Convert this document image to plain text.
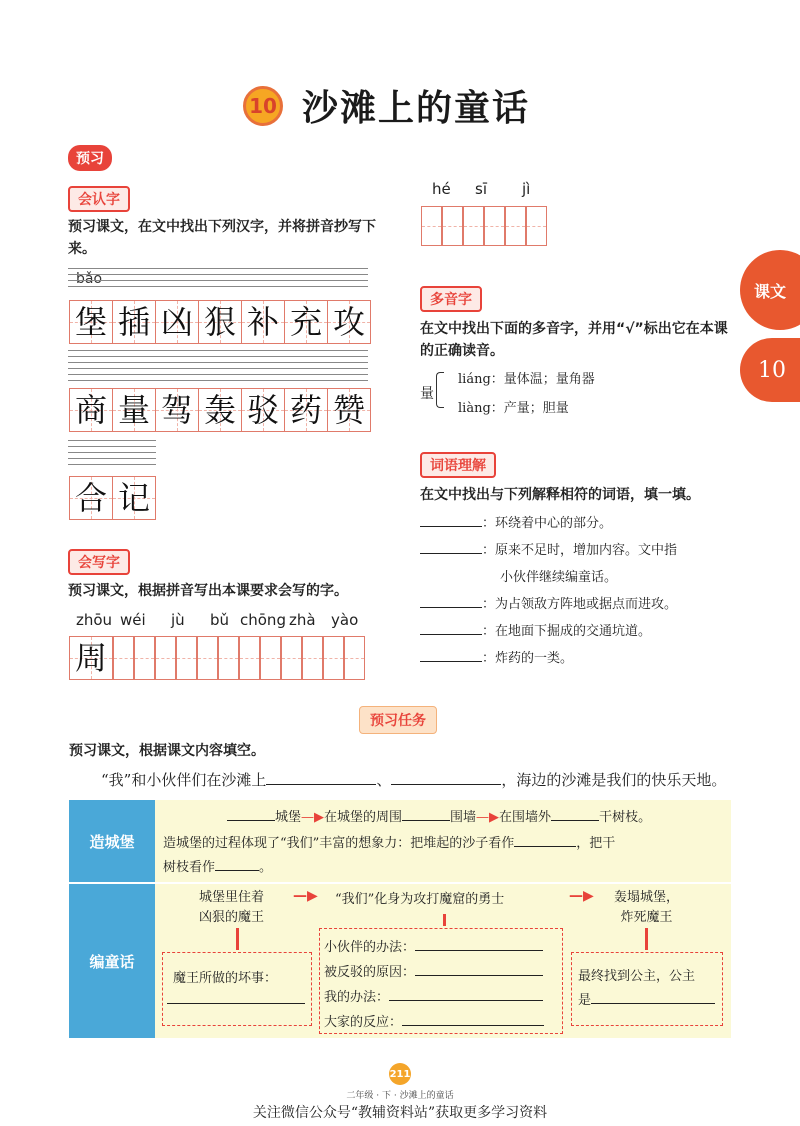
10 沙滩上的童话
预习
会认字
预习课文，在文中找出下列汉字，并将拼音抄写下来。
bǎo
堡 插 凶 狠 补 充 攻
商 量 驾 轰 驳 药 赞
合 记
会写字
预习课文，根据拼音写出本课要求会写的字。
zhōu wéi jù bǔ chōng zhà yào
周
hé sī jì
课文
10
多音字
在文中找出下面的多音字，并用“√”标出它在本课的正确读音。
量
liáng：量体温；量角器
liàng：产量；胆量
词语理解
在文中找出与下列解释相符的词语，填一填。
：环绕着中心的部分。
：原来不足时，增加内容。文中指
小伙伴继续编童话。
：为占领敌方阵地或据点而进攻。
：在地面下掘成的交通坑道。
：炸药的一类。
预习任务
预习课文，根据课文内容填空。
“我”和小伙伴们在沙滩上	、	，海边的沙滩是我们的快乐天地。
造城堡
城堡—▶在城堡的周围	围墙—▶在围墙外	干树枝。
造城堡的过程体现了“我们”丰富的想象力：把堆起的沙子看作	，把干
树枝看作	。
编童话
城堡里住着
凶狠的魔王
—▶ “我们”化身为攻打魔窟的勇士	—▶ 轰塌城堡，
炸死魔王
魔王所做的坏事：
小伙伴的办法：
被反驳的原因：
我的办法：
大家的反应：
最终找到公主，公主
是
211
二年级 · 下 · 沙滩上的童话
关注微信公众号“教辅资料站”获取更多学习资料
